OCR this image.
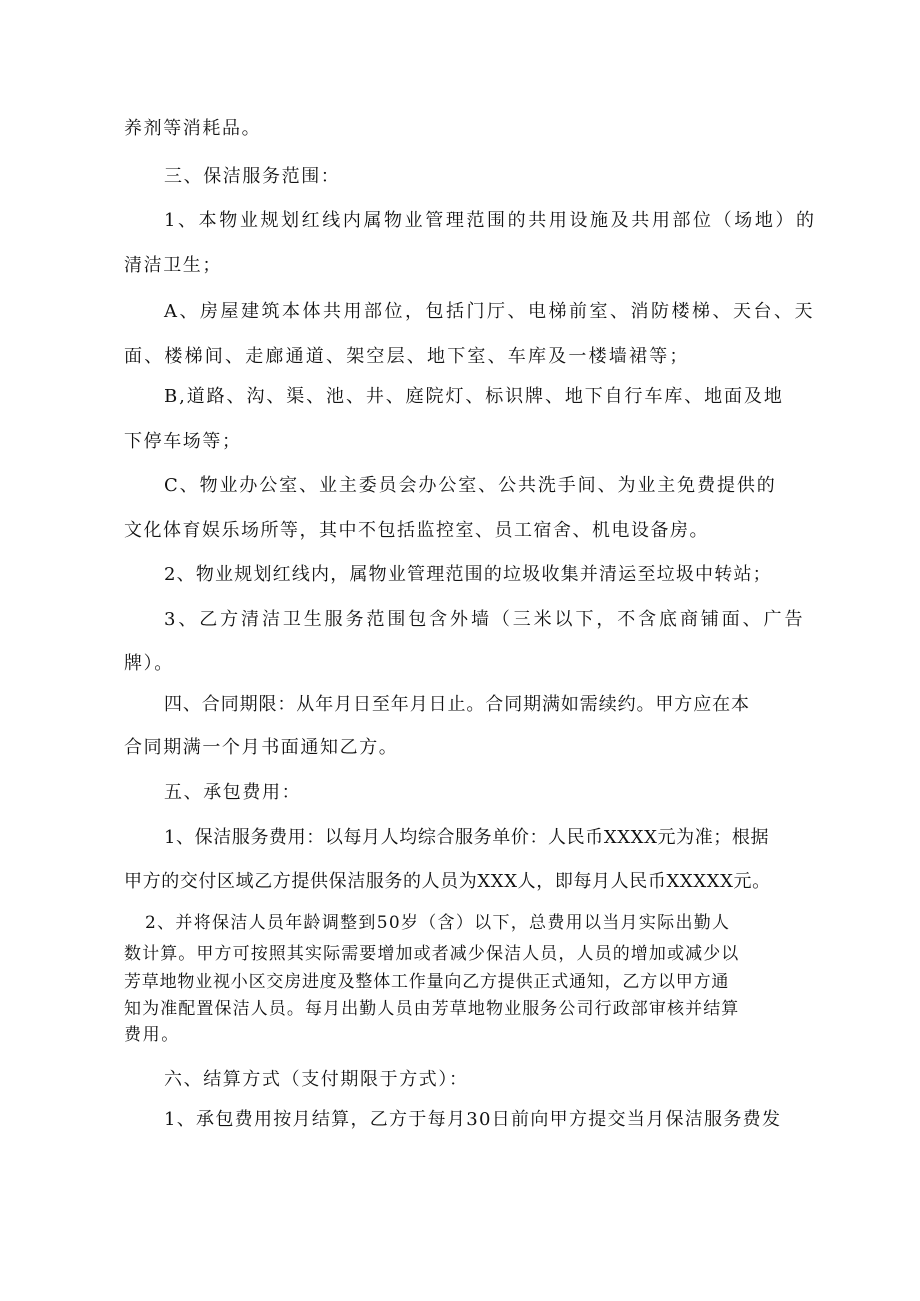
养剂等消耗品。

三、保洁服务范围：

1、本物业规划红线内属物业管理范围的共用设施及共用部位（场地）的

清洁卫生；

A、房屋建筑本体共用部位，包括门厅、电梯前室、消防楼梯、天台、天

面、楼梯间、走廊通道、架空层、地下室、车库及一楼墙裙等；

B,道路、沟、渠、池、井、庭院灯、标识牌、地下自行车库、地面及地

下停车场等；

C、物业办公室、业主委员会办公室、公共洗手间、为业主免费提供的

文化体育娱乐场所等，其中不包括监控室、员工宿舍、机电设备房。

2、物业规划红线内，属物业管理范围的垃圾收集并清运至垃圾中转站；

3、乙方清洁卫生服务范围包含外墙（三米以下，不含底商铺面、广告

牌）。

四、合同期限：从年月日至年月日止。合同期满如需续约。甲方应在本

合同期满一个月书面通知乙方。

五、承包费用：

1、保洁服务费用：以每月人均综合服务单价：人民币XXXX元为准；根据

甲方的交付区域乙方提供保洁服务的人员为XXX人，即每月人民币XXXXX元。

2、并将保洁人员年龄调整到50岁（含）以下，总费用以当月实际出勤人

数计算。甲方可按照其实际需要增加或者减少保洁人员，人员的增加或减少以

芳草地物业视小区交房进度及整体工作量向乙方提供正式通知，乙方以甲方通

知为准配置保洁人员。每月出勤人员由芳草地物业服务公司行政部审核并结算

费用。

六、结算方式（支付期限于方式）：

1、承包费用按月结算，乙方于每月30日前向甲方提交当月保洁服务费发
